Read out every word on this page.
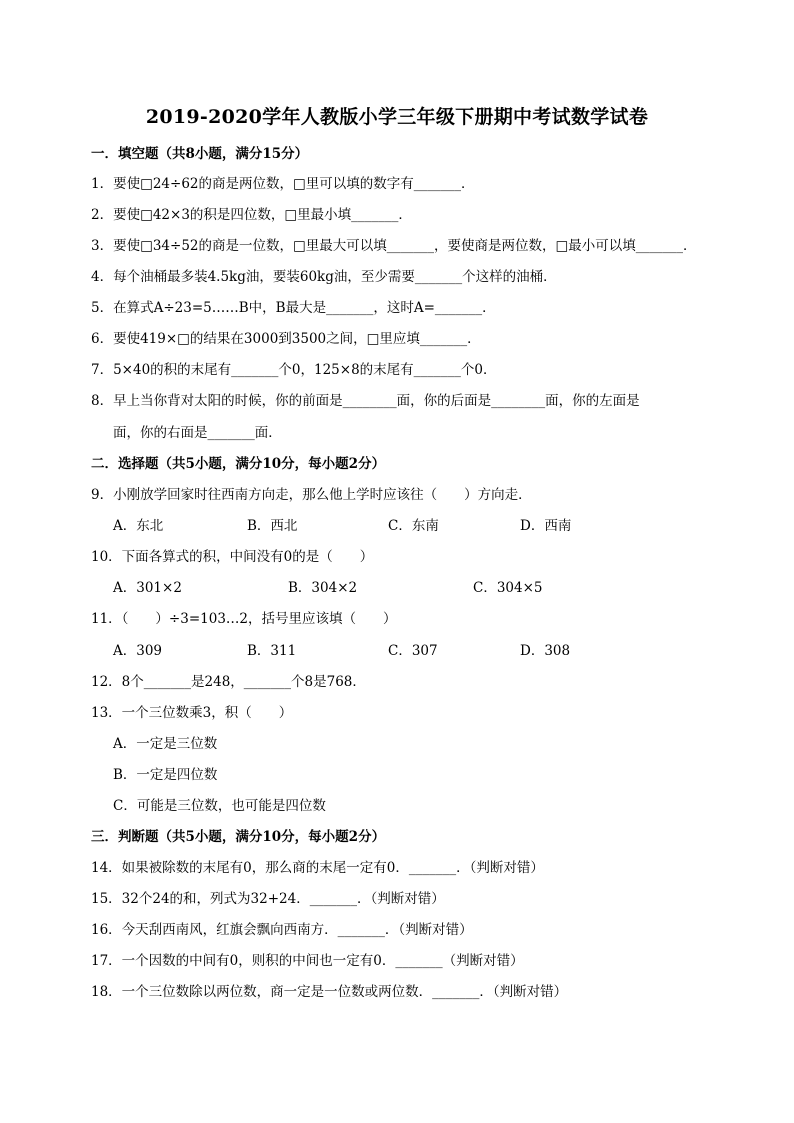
2019-2020学年人教版小学三年级下册期中考试数学试卷
一．填空题（共8小题，满分15分）
1．要使□24÷62的商是两位数，□里可以填的数字有_______．
2．要使□42×3的积是四位数，□里最小填_______．
3．要使□34÷52的商是一位数，□里最大可以填_______，要使商是两位数，□最小可以填_______．
4．每个油桶最多装4.5kg油，要装60kg油，至少需要_______个这样的油桶．
5．在算式A÷23=5……B中，B最大是_______，这时A=_______．
6．要使419×□的结果在3000到3500之间，□里应填_______．
7．5×40的积的末尾有_______个0，125×8的末尾有_______个0．
8．早上当你背对太阳的时候，你的前面是________面，你的后面是________面，你的左面是
面，你的右面是_______面．
二．选择题（共5小题，满分10分，每小题2分）
9．小刚放学回家时往西南方向走，那么他上学时应该往（　　）方向走．
A．东北	B．西北	C．东南	D．西南
10．下面各算式的积，中间没有0的是（　　）
A．301×2	B．304×2	C．304×5
11．（　　）÷3=103…2，括号里应该填（　　）
A．309	B．311	C．307	D．308
12．8个_______是248，_______个8是768．
13．一个三位数乘3，积（　　）
A．一定是三位数
B．一定是四位数
C．可能是三位数，也可能是四位数
三．判断题（共5小题，满分10分，每小题2分）
14．如果被除数的末尾有0，那么商的末尾一定有0．_______．（判断对错）
15．32个24的和，列式为32+24．_______．（判断对错）
16．今天刮西南风，红旗会飘向西南方．_______．（判断对错）
17．一个因数的中间有0，则积的中间也一定有0．_______（判断对错）
18．一个三位数除以两位数，商一定是一位数或两位数．_______．（判断对错）
